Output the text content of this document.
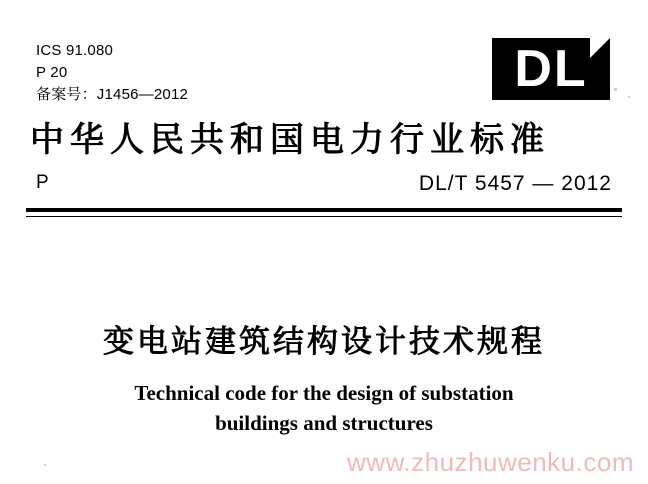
ICS 91.080
P 20
备案号：J1456—2012	DL
中华人民共和国电力行业标准
P	DL/T 5457 — 2012
变电站建筑结构设计技术规程
Technical code for the design of substation
buildings and structures
www.zhuzhuwenku.com
